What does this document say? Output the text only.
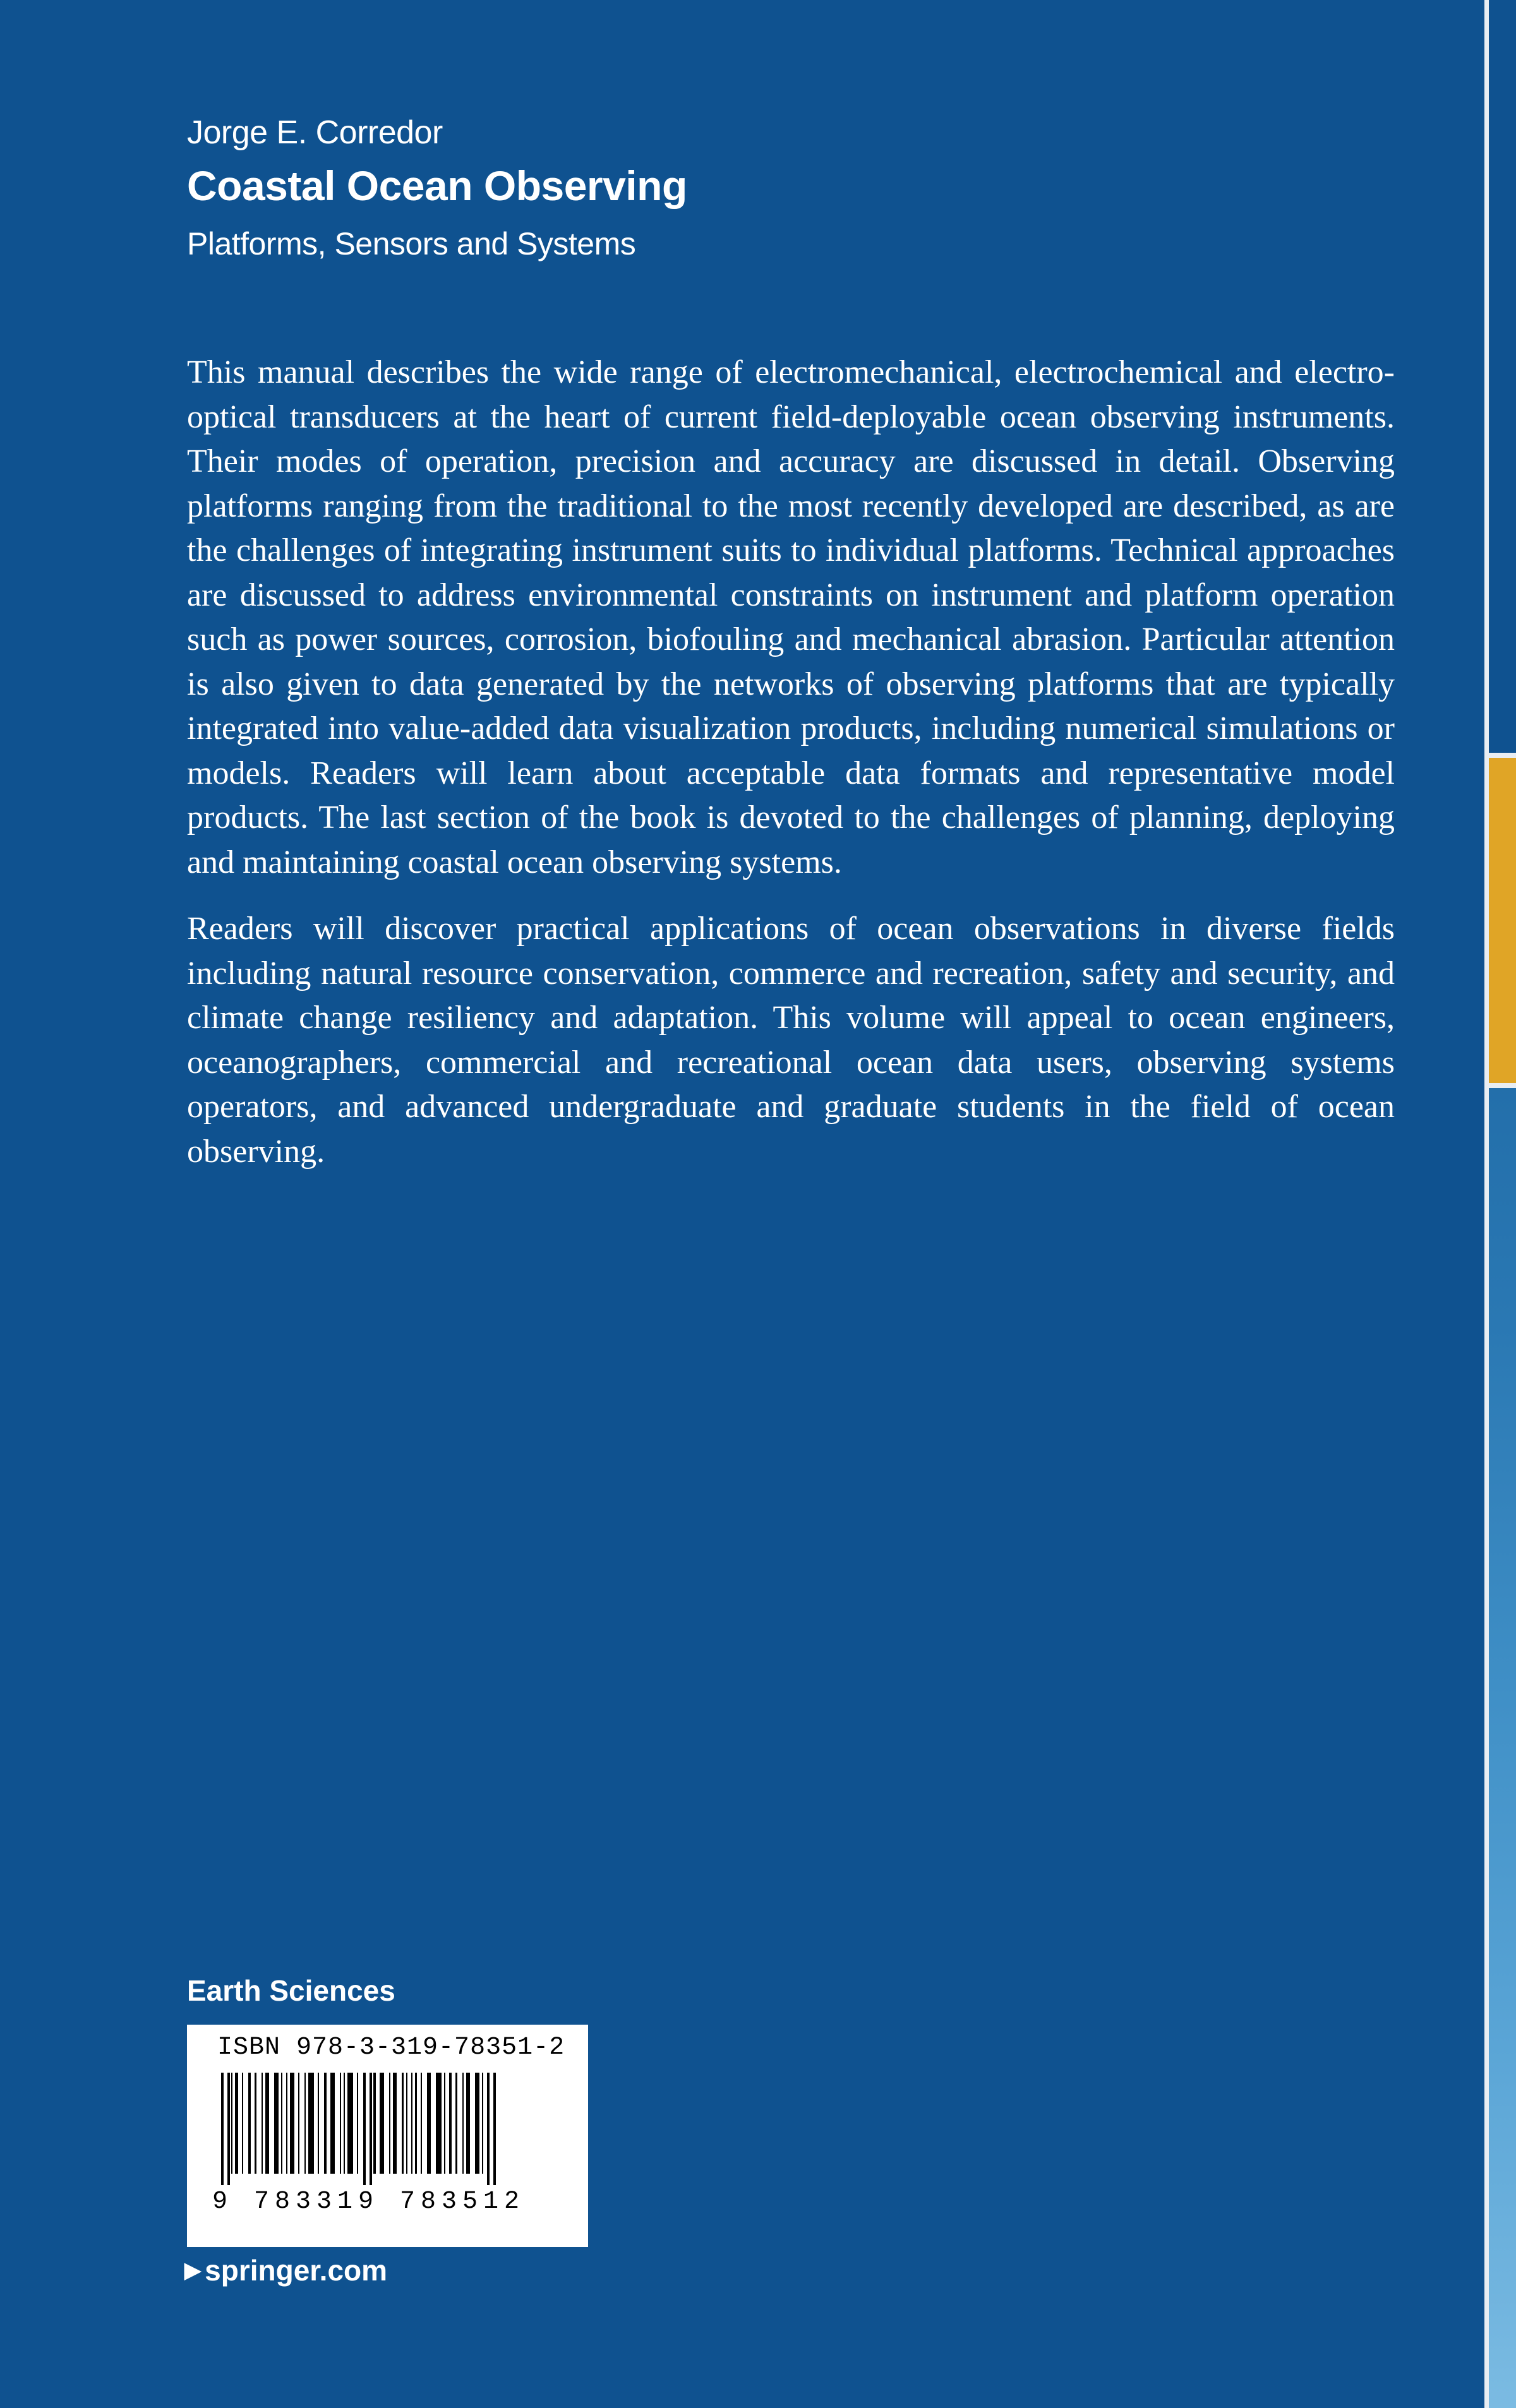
Jorge E. Corredor
Coastal Ocean Observing
Platforms, Sensors and Systems

This manual describes the wide range of electromechanical, electrochemical and electro-optical transducers at the heart of current field-deployable ocean observing instruments. Their modes of operation, precision and accuracy are discussed in detail. Observing platforms ranging from the traditional to the most recently developed are described, as are the challenges of integrating instrument suits to individual platforms. Technical approaches are discussed to address environmental constraints on instrument and platform operation such as power sources, corrosion, biofouling and mechanical abrasion. Particular attention is also given to data generated by the networks of observing platforms that are typically integrated into value-added data visualization products, including numerical simulations or models. Readers will learn about acceptable data formats and representative model products. The last section of the book is devoted to the challenges of planning, deploying and maintaining coastal ocean observing systems.

Readers will discover practical applications of ocean observations in diverse fields including natural resource conservation, commerce and recreation, safety and security, and climate change resiliency and adaptation. This volume will appeal to ocean engineers, oceanographers, commercial and recreational ocean data users, observing systems operators, and advanced undergraduate and graduate students in the field of ocean observing.

Earth Sciences
ISBN 978-3-319-78351-2
9 783319 783512
▶ springer.com
